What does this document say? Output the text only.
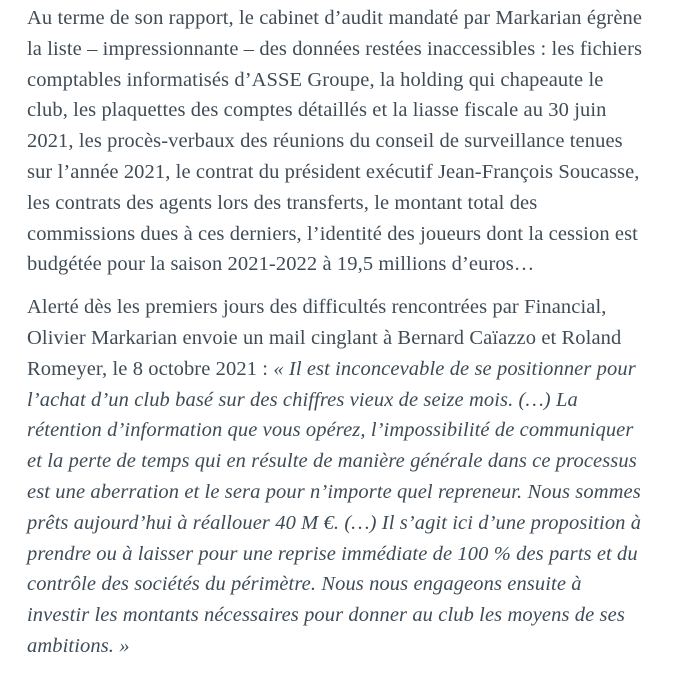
Au terme de son rapport, le cabinet d’audit mandaté par Markarian égrène la liste – impressionnante – des données restées inaccessibles : les fichiers comptables informatisés d’ASSE Groupe, la holding qui chapeaute le club, les plaquettes des comptes détaillés et la liasse fiscale au 30 juin 2021, les procès-verbaux des réunions du conseil de surveillance tenues sur l’année 2021, le contrat du président exécutif Jean-François Soucasse, les contrats des agents lors des transferts, le montant total des commissions dues à ces derniers, l’identité des joueurs dont la cession est budgétée pour la saison 2021-2022 à 19,5 millions d’euros…

Alerté dès les premiers jours des difficultés rencontrées par Financial, Olivier Markarian envoie un mail cinglant à Bernard Caïazzo et Roland Romeyer, le 8 octobre 2021 : « Il est inconcevable de se positionner pour l’achat d’un club basé sur des chiffres vieux de seize mois. (…) La rétention d’information que vous opérez, l’impossibilité de communiquer et la perte de temps qui en résulte de manière générale dans ce processus est une aberration et le sera pour n’importe quel repreneur. Nous sommes prêts aujourd’hui à réallouer 40 M €. (…) Il s’agit ici d’une proposition à prendre ou à laisser pour une reprise immédiate de 100 % des parts et du contrôle des sociétés du périmètre. Nous nous engageons ensuite à investir les montants nécessaires pour donner au club les moyens de ses ambitions. »
